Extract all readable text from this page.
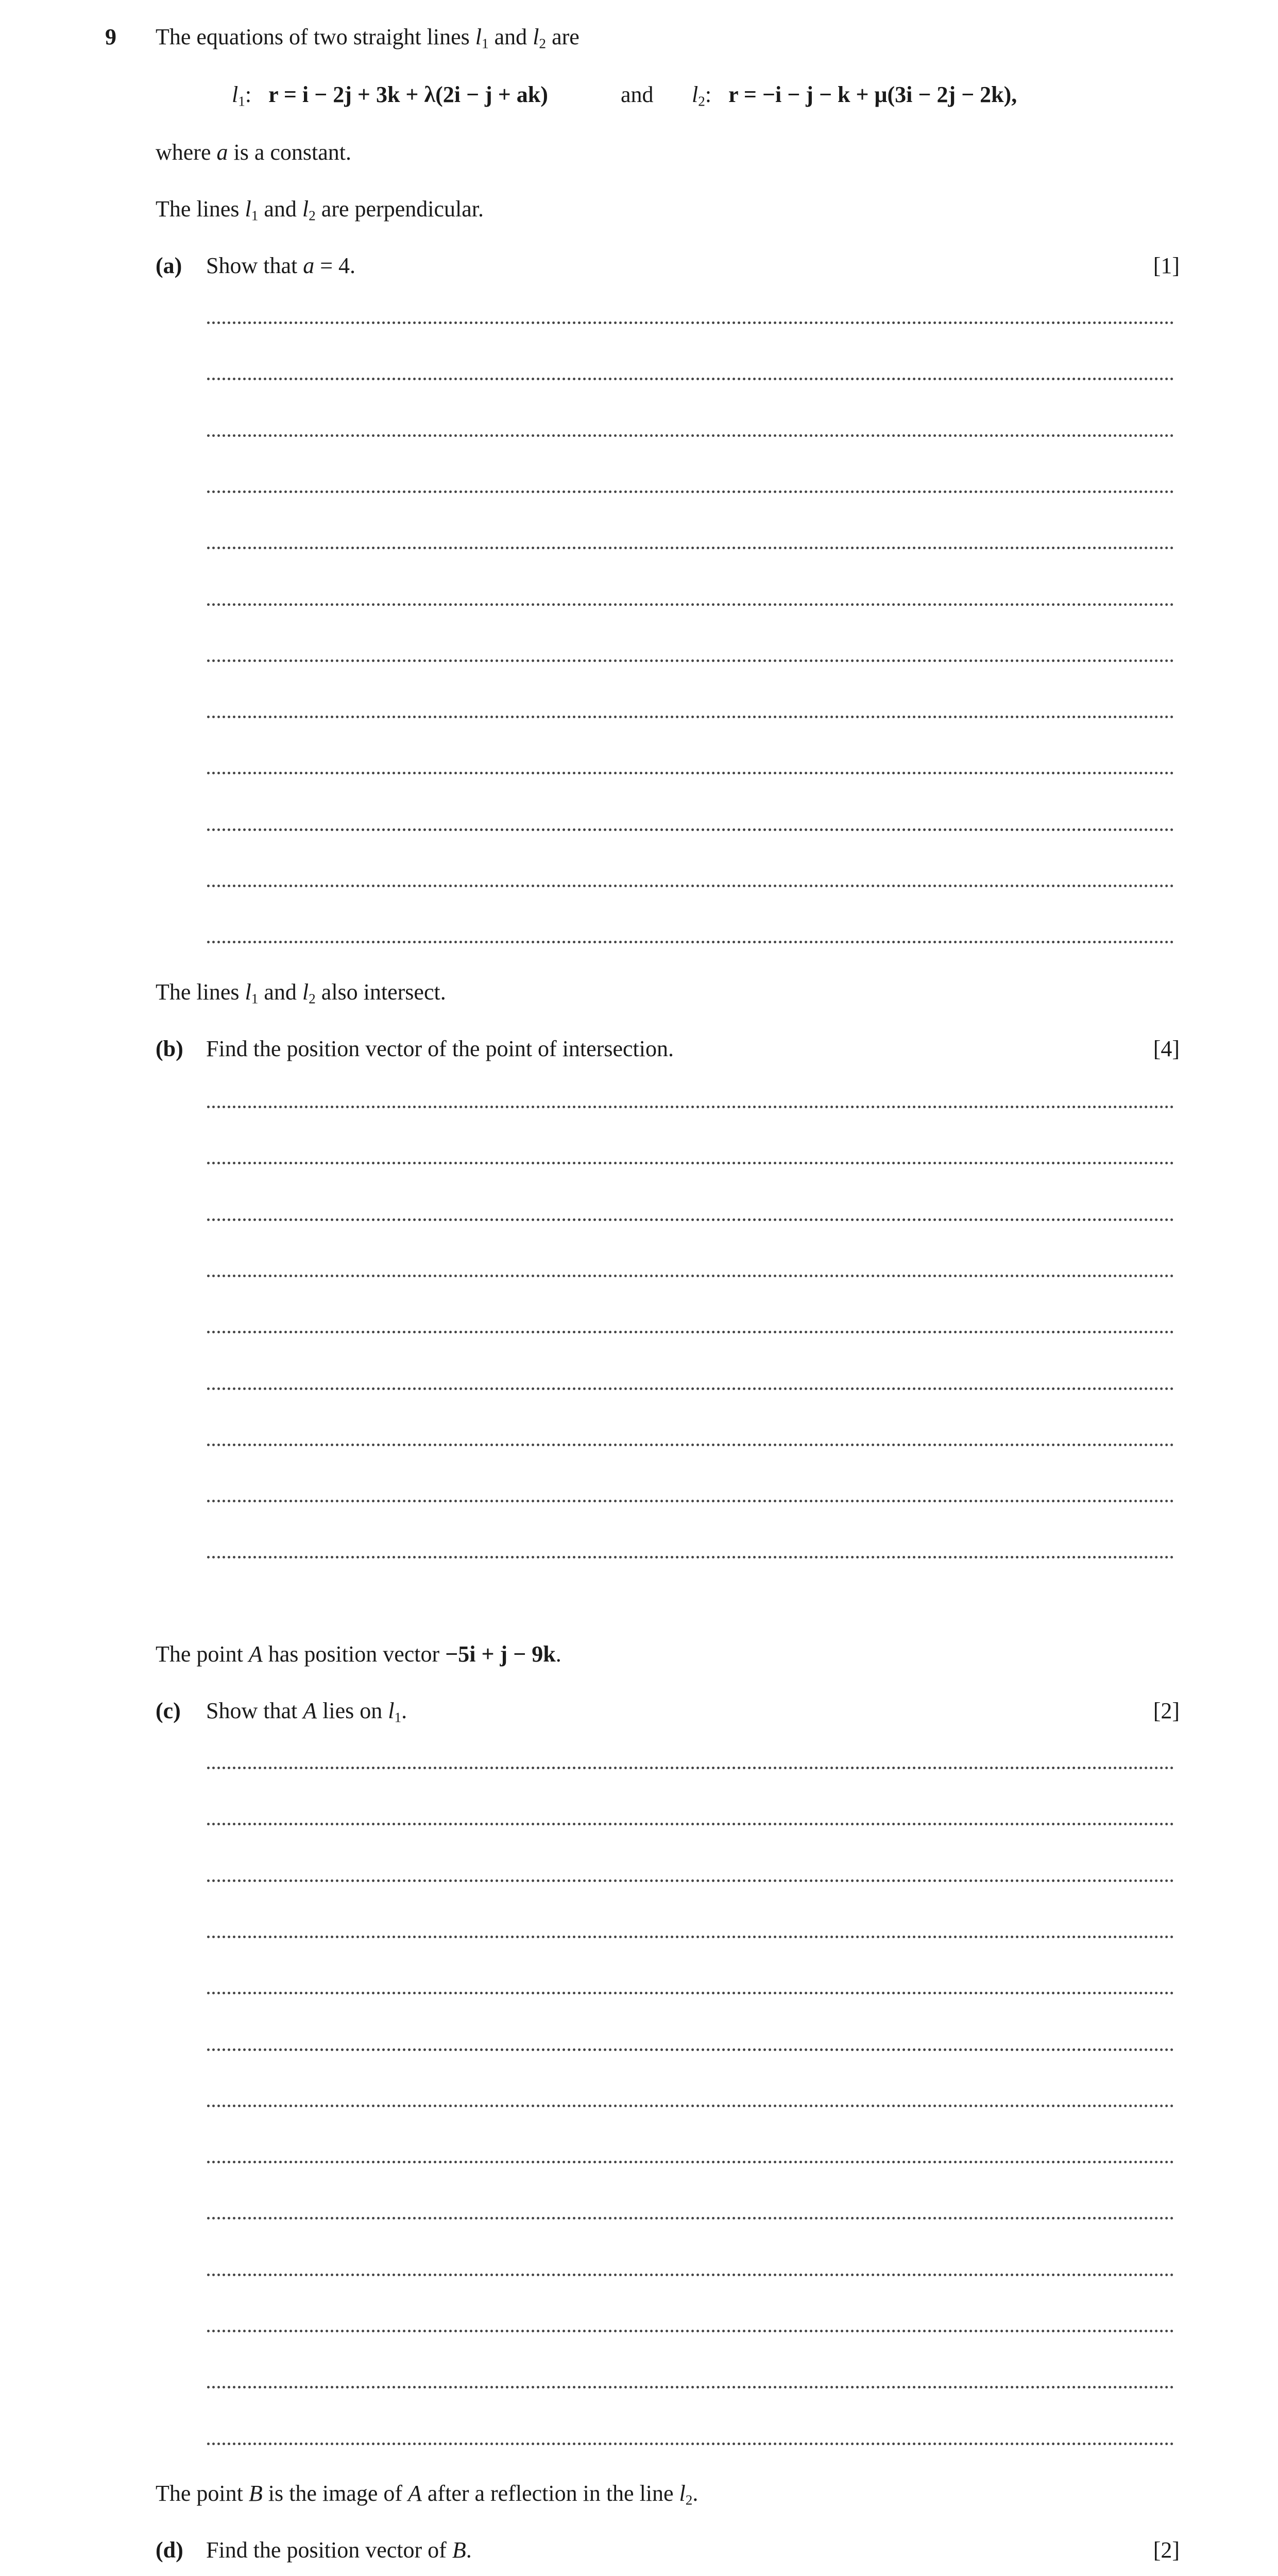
9 The equations of two straight lines $l_1$ and $l_2$ are
$l_1$: r = i − 2j + 3k + λ(2i − j + ak)	and $l_2$: r = −i − j − k + μ(3i − 2j − 2k),
where a is a constant.
The lines $l_1$ and $l_2$ are perpendicular.
(a) Show that a = 4.	[1]
The lines $l_1$ and $l_2$ also intersect.
(b) Find the position vector of the point of intersection.	[4]
The point A has position vector −5i + j − 9k.
(c) Show that A lies on $l_1$.	[2]
The point B is the image of A after a reflection in the line $l_2$.
(d) Find the position vector of B.	[2]
